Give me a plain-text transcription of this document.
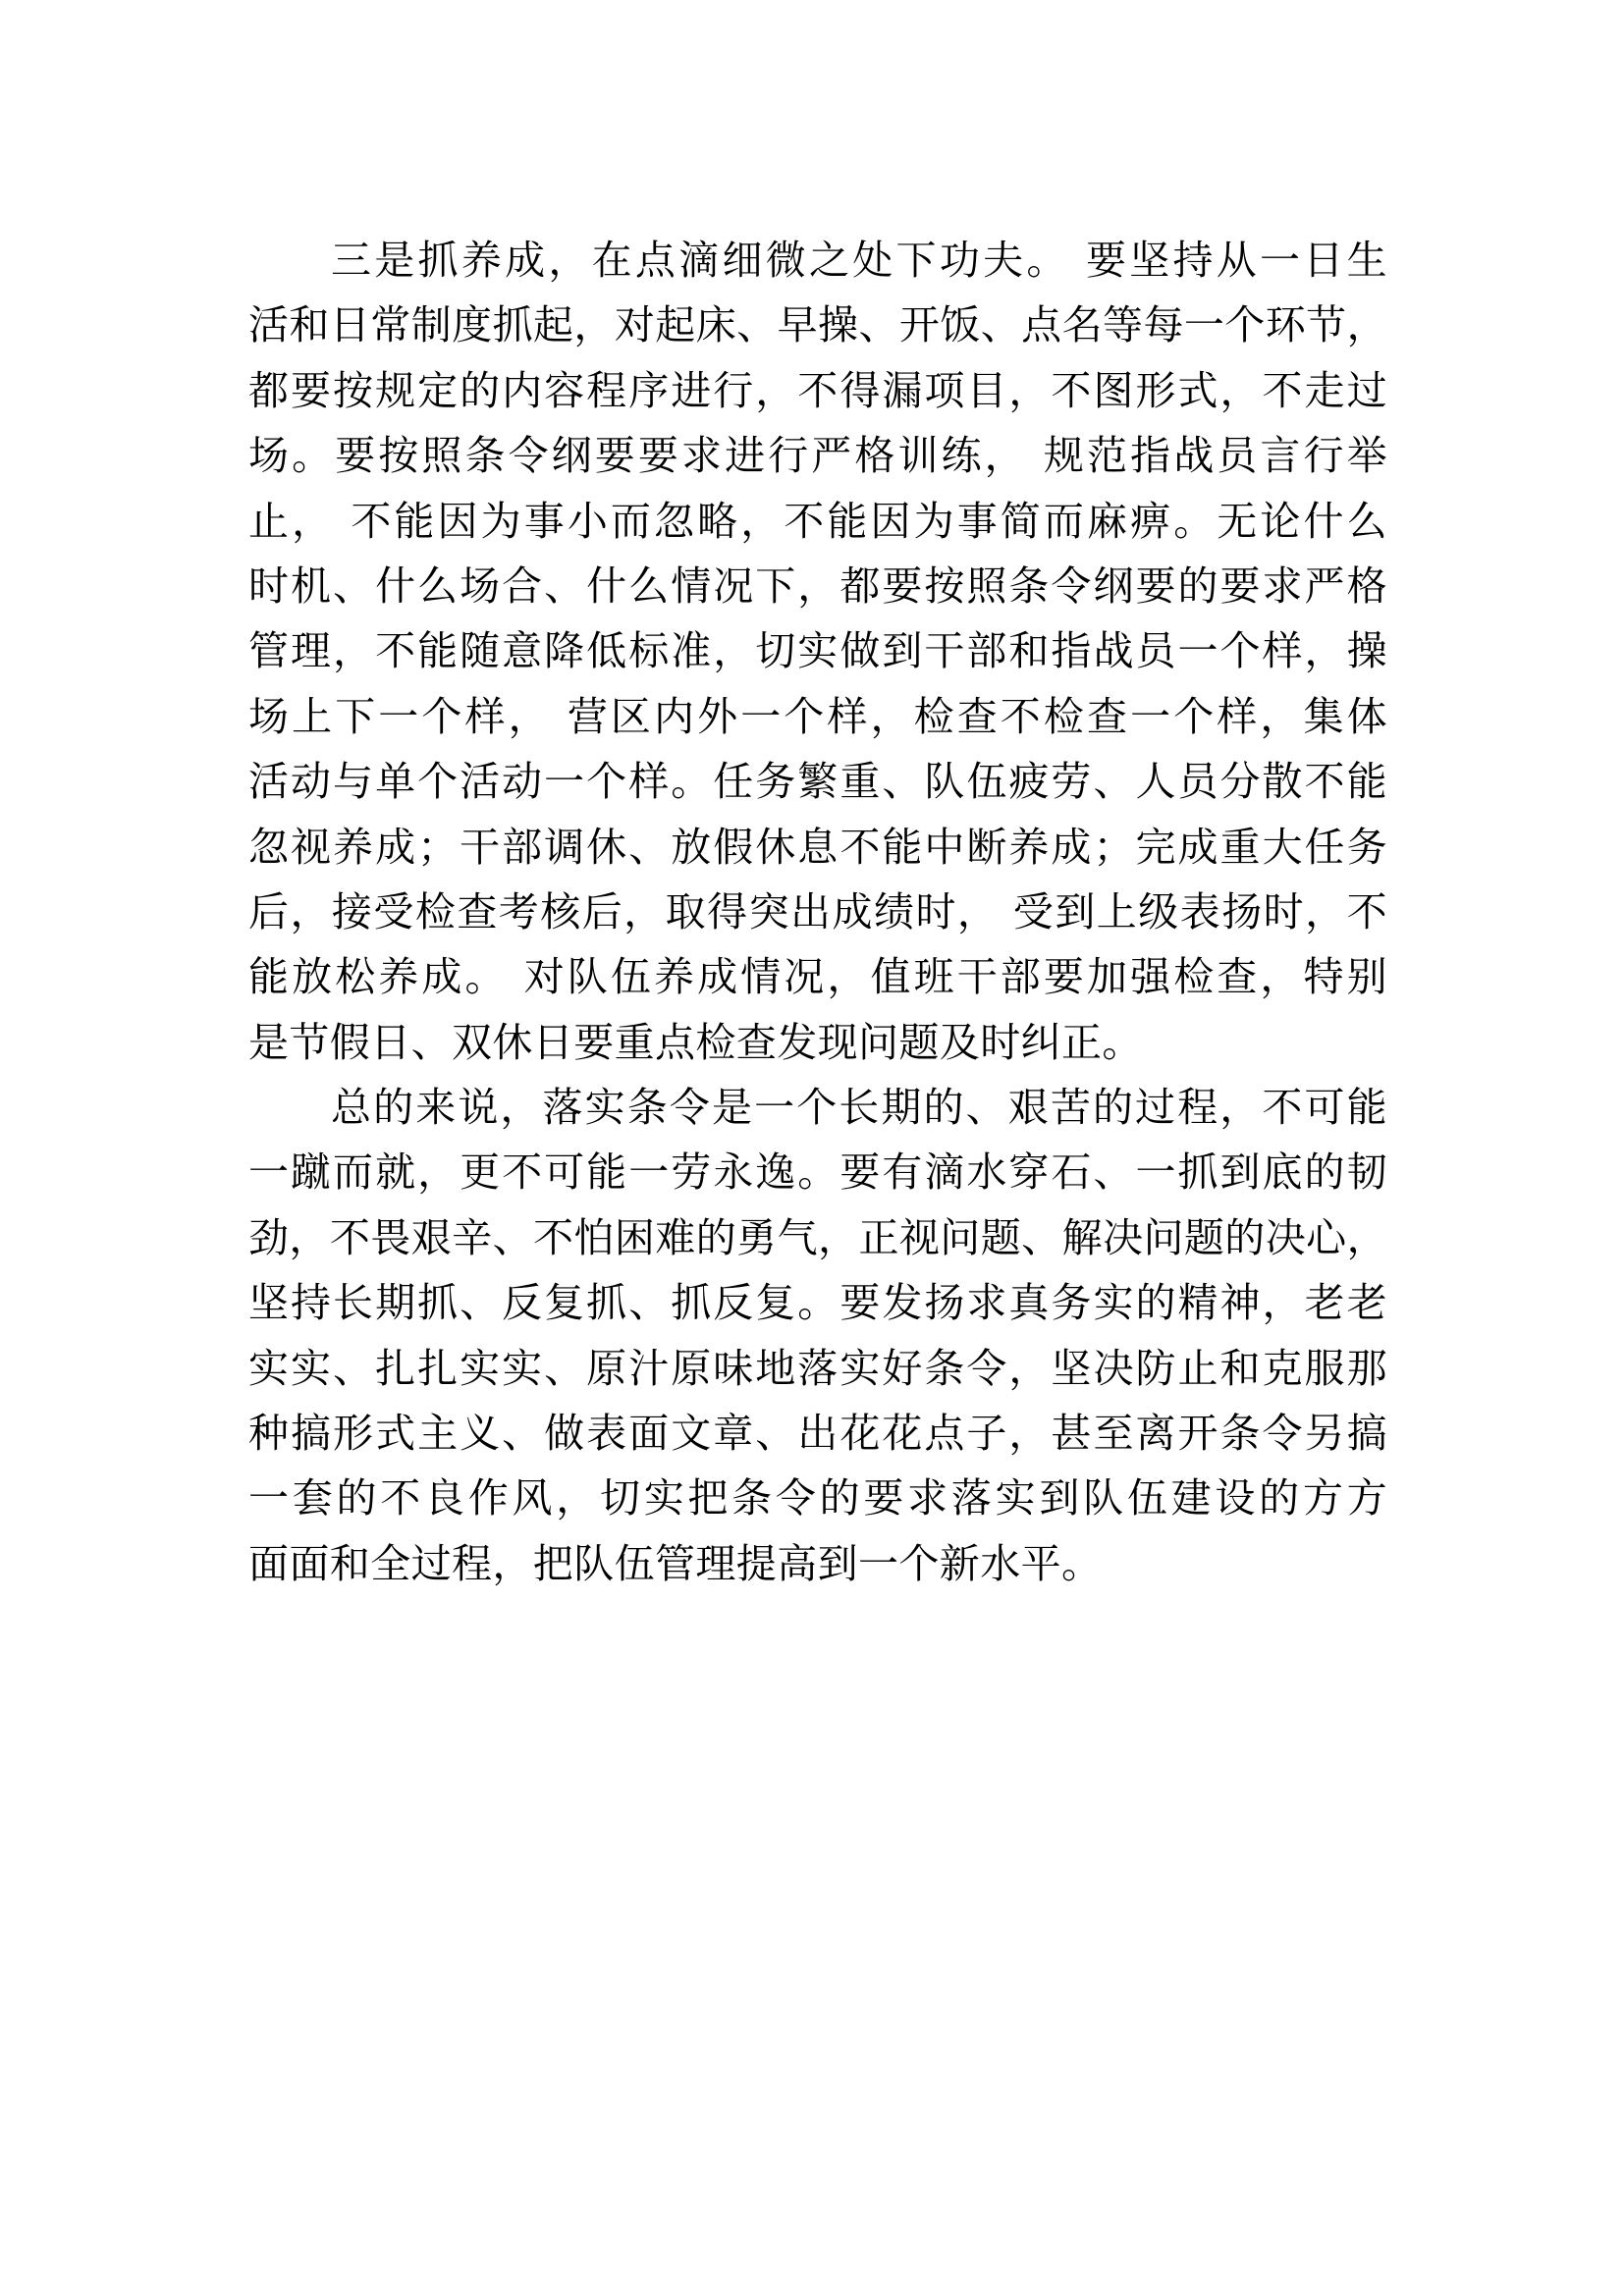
三是抓养成，在点滴细微之处下功夫。 要坚持从一日生
活和日常制度抓起，对起床、早操、开饭、点名等每一个环节，
都要按规定的内容程序进行，不得漏项目，不图形式，不走过
场。要按照条令纲要要求进行严格训练， 规范指战员言行举
止， 不能因为事小而忽略，不能因为事简而麻痹。无论什么
时机、什么场合、什么情况下，都要按照条令纲要的要求严格
管理，不能随意降低标准，切实做到干部和指战员一个样，操
场上下一个样， 营区内外一个样，检查不检查一个样，集体
活动与单个活动一个样。任务繁重、队伍疲劳、人员分散不能
忽视养成；干部调休、放假休息不能中断养成；完成重大任务
后，接受检查考核后，取得突出成绩时， 受到上级表扬时，不
能放松养成。 对队伍养成情况，值班干部要加强检查，特别
是节假日、双休日要重点检查发现问题及时纠正。
总的来说，落实条令是一个长期的、艰苦的过程，不可能
一蹴而就，更不可能一劳永逸。要有滴水穿石、一抓到底的韧
劲，不畏艰辛、不怕困难的勇气，正视问题、解决问题的决心，
坚持长期抓、反复抓、抓反复。要发扬求真务实的精神，老老
实实、扎扎实实、原汁原味地落实好条令，坚决防止和克服那
种搞形式主义、做表面文章、出花花点子，甚至离开条令另搞
一套的不良作风，切实把条令的要求落实到队伍建设的方方
面面和全过程，把队伍管理提高到一个新水平。
